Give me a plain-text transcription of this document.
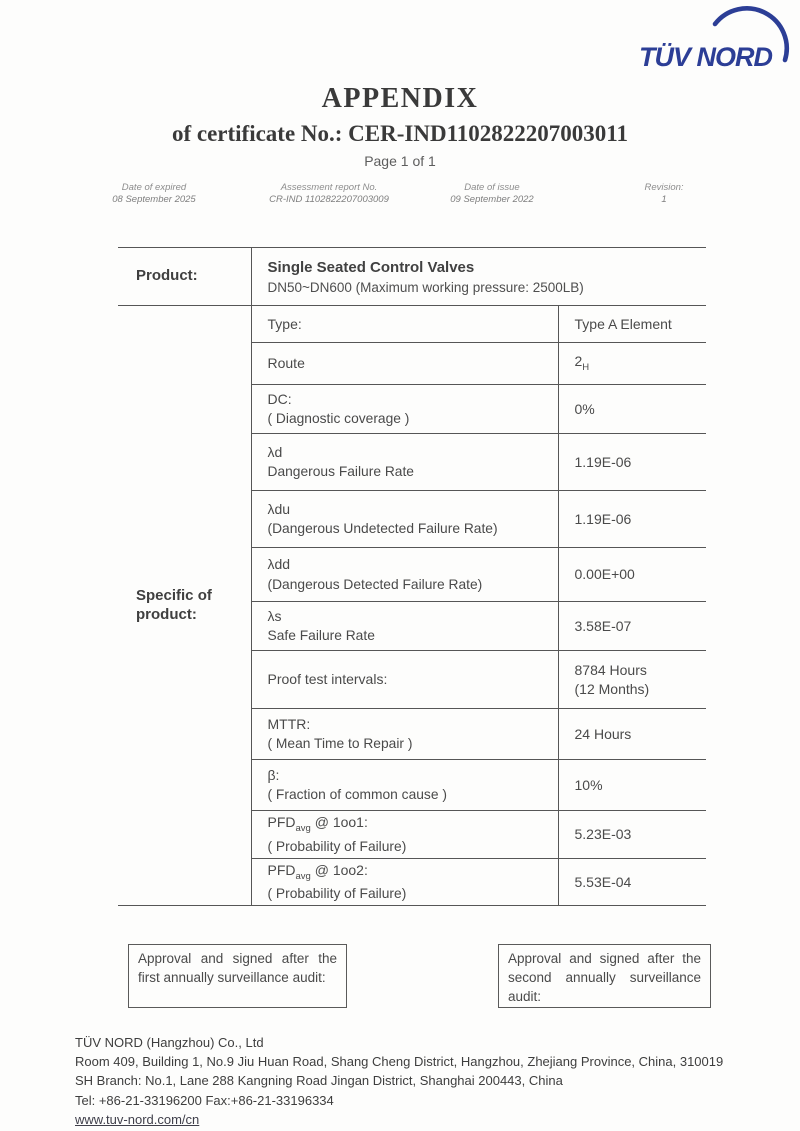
TÜV NORD
APPENDIX
of certificate No.: CER-IND1102822207003011
Page 1 of 1
Date of expired
08 September 2025
Assessment report No.
CR-IND 1102822207003009
Date of issue
09 September 2022
Revision:
1
Product:	Single Seated Control Valves
DN50~DN600 (Maximum working pressure: 2500LB)	

Specific of product:	Type:	Type A Element

	Route	$2_H$

	DC:
( Diagnostic coverage )	0%

	λd
Dangerous Failure Rate	1.19E-06

	λdu
(Dangerous Undetected Failure Rate)	1.19E-06

	λdd
(Dangerous Detected Failure Rate)	0.00E+00

	λs
Safe Failure Rate	3.58E-07

	Proof test intervals:	8784 Hours
(12 Months)

	MTTR:
( Mean Time to Repair )	24 Hours

	β:
( Fraction of common cause )	10%

	$PFD_{avg}$ @ 1oo1:
( Probability of Failure)	5.23E-03

	$PFD_{avg}$ @ 1oo2:
( Probability of Failure)	5.53E-04
Approval and signed after the first annually surveillance audit:
Approval and signed after the second annually surveillance audit:
TÜV NORD (Hangzhou) Co., Ltd
Room 409, Building 1, No.9 Jiu Huan Road, Shang Cheng District, Hangzhou, Zhejiang Province, China, 310019
SH Branch: No.1, Lane 288 Kangning Road Jingan District, Shanghai 200443, China
Tel: +86-21-33196200 Fax:+86-21-33196334
www.tuv-nord.com/cn
